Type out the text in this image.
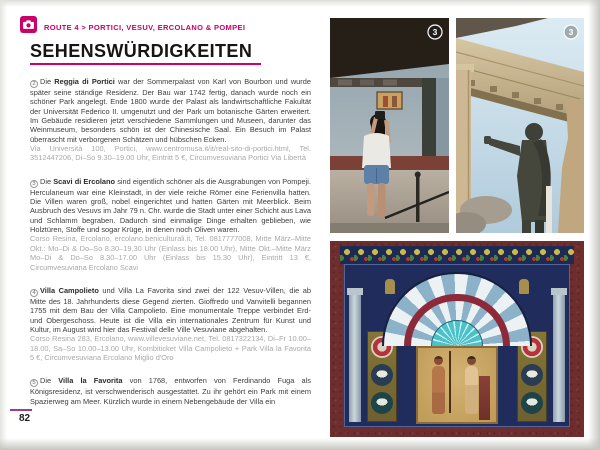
ROUTE 4 > PORTICI, VESUV, ERCOLANO & POMPEI
SEHENSWÜRDIGKEITEN

2 Die Reggia di Portici war der Sommerpalast von Karl von Bourbon und wurde später seine ständige Residenz. Der Bau war 1742 fertig, danach wurde noch ein schöner Park angelegt. Ende 1800 wurde der Palast als landwirtschaftliche Fakultät der Universität Federico II. umgenutzt und der Park um botanische Gärten erweitert. Im Gebäude residieren jetzt verschiedene Sammlungen und Museen, darunter das Weinmuseum, besonders schön ist der Chinesische Saal. Ein Besuch im Palast überrascht mit verborgenen Schätzen und hübschen Ecken.
Via Università 100, Portici, www.centromusa.it/it/real-sito-di-portici.html, Tel. 3512447206, Di–So 9.30–19.00 Uhr, Eintritt 5 €, Circumvesuviana Portici Via Libertà

3 Die Scavi di Ercolano sind eigentlich schöner als die Ausgrabungen von Pompeji. Herculaneum war eine Kleinstadt, in der viele reiche Römer eine Ferienvilla hatten. Die Villen waren groß, nobel eingerichtet und hatten Gärten mit Meerblick. Beim Ausbruch des Vesuvs im Jahr 79 n. Chr. wurde die Stadt unter einer Schicht aus Lava und Schlamm begraben. Dadurch sind einmalige Dinge erhalten geblieben, wie Holztüren, Stoffe und sogar Krüge, in denen noch Oliven waren.
Corso Resina, Ercolano, ercolano.beniculturali.it, Tel. 0817777008, Mitte März–Mitte Okt.: Mo–Di & Do–So 8.30–19.30 Uhr (Einlass bis 18.00 Uhr), Mitte Okt.–Mitte März Mo–Di & Do–So 8.30–17.00 Uhr (Einlass bis 15.30 Uhr), Eintritt 13 €, Circumvesuviana Ercolano Scavi

4 Villa Campolieto und Villa La Favorita sind zwei der 122 Vesuv-Villen, die ab Mitte des 18. Jahrhunderts diese Gegend zierten. Gioffredo und Vanvitelli begannen 1755 mit dem Bau der Villa Campolieto. Eine monumentale Treppe verbindet Erd- und Obergeschoss. Heute ist die Villa ein internationales Zentrum für Kunst und Kultur, im August wird hier das Festival delle Ville Vesuviane abgehalten.
Corso Resina 283, Ercolano, www.villevesuviane.net, Tel. 0817322134, Di–Fr 10.00–18.00, Sa–So 10.00–13.00 Uhr, Kombiticket Villa Campolieto + Park Villa la Favorita 5 €, Circumvesuviana Ercolano Miglio d'Oro

5 Die Villa la Favorita von 1768, entworfen von Ferdinando Fuga als Königsresidenz, ist verschwenderisch ausgestattet. Zu ihr gehört ein Park mit einem Spazierweg am Meer. Kürzlich wurde in einem Nebengebäude der Villa ein

3	3
82
